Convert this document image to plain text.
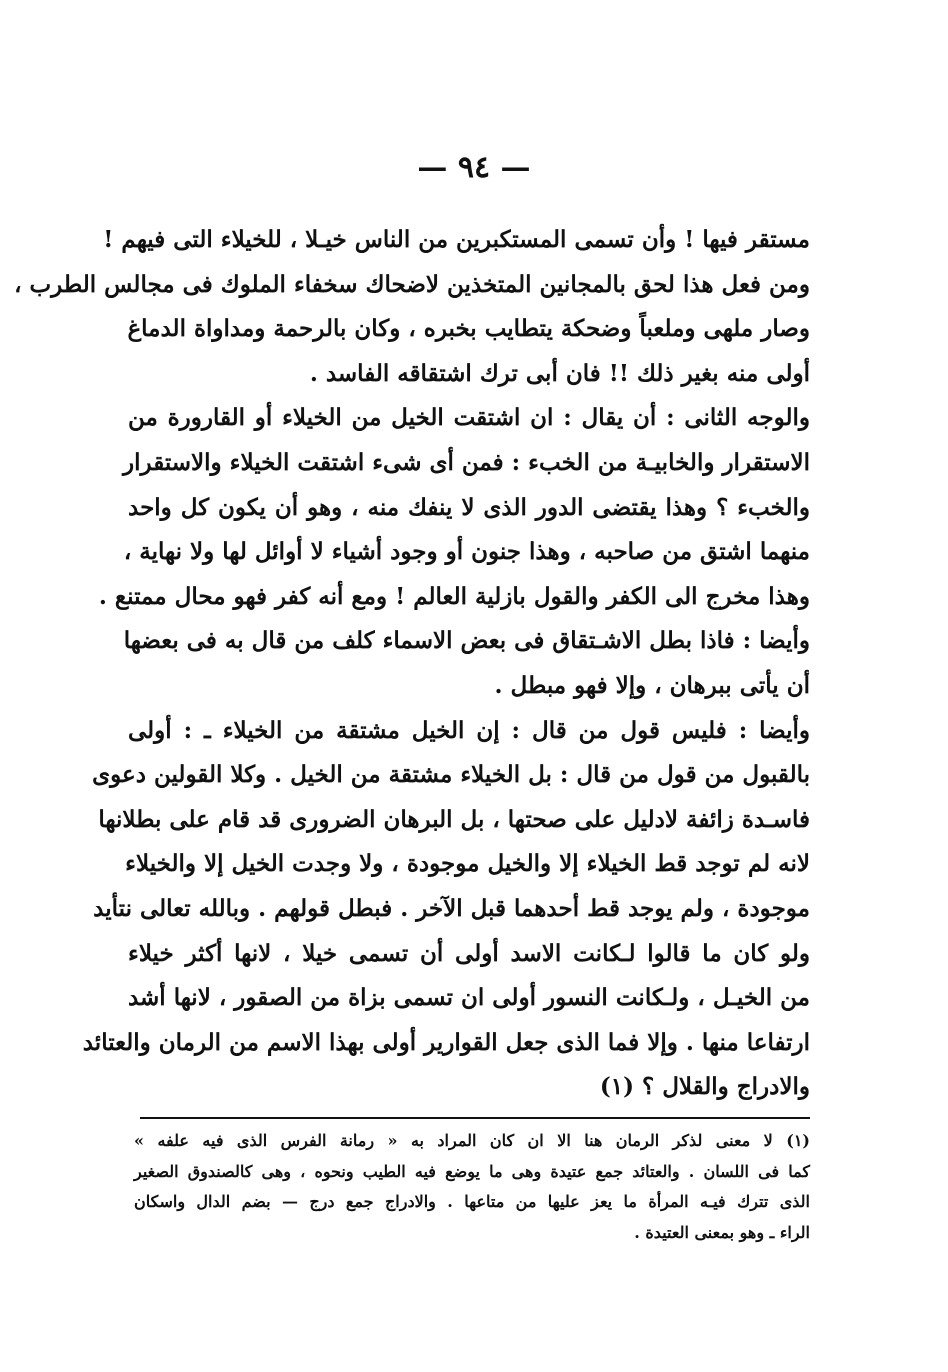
— ٩٤ —
مستقر فيها ! وأن تسمى المستكبرين من الناس خيـلا ، للخيلاء التى فيهم !
ومن فعل هذا لحق بالمجانين المتخذين لاضحاك سخفاء الملوك فى مجالس الطرب ،
وصار ملهى وملعباً وضحكة يتطايب بخبره ، وكان بالرحمة ومداواة الدماغ
أولى منه بغير ذلك !! فان أبى ترك اشتقاقه الفاسد .
والوجه الثانى : أن يقال : ان اشتقت الخيل من الخيلاء أو القارورة من
الاستقرار والخابيـة من الخبء : فمن أى شىء اشتقت الخيلاء والاستقرار
والخبء ؟ وهذا يقتضى الدور الذى لا ينفك منه ، وهو أن يكون كل واحد
منهما اشتق من صاحبه ، وهذا جنون أو وجود أشياء لا أوائل لها ولا نهاية ،
وهذا مخرج الى الكفر والقول بازلية العالم ! ومع أنه كفر فهو محال ممتنع .
وأيضا : فاذا بطل الاشـتقاق فى بعض الاسماء كلف من قال به فى بعضها
أن يأتى ببرهان ، وإلا فهو مبطل .
وأيضا : فليس قول من قال : إن الخيل مشتقة من الخيلاء ـ : أولى
بالقبول من قول من قال : بل الخيلاء مشتقة من الخيل . وكلا القولين دعوى
فاسـدة زائفة لادليل على صحتها ، بل البرهان الضرورى قد قام على بطلانها
لانه لم توجد قط الخيلاء إلا والخيل موجودة ، ولا وجدت الخيل إلا والخيلاء
موجودة ، ولم يوجد قط أحدهما قبل الآخر . فبطل قولهم . وبالله تعالى نتأيد
ولو كان ما قالوا لـكانت الاسد أولى أن تسمى خيلا ، لانها أكثر خيلاء
من الخيـل ، ولـكانت النسور أولى ان تسمى بزاة من الصقور ، لانها أشد
ارتفاعا منها . وإلا فما الذى جعل القوارير أولى بهذا الاسم من الرمان والعتائد
والادراج والقلال ؟ (١)
(١) لا معنى لذكر الرمان هنا الا ان كان المراد به « رمانة الفرس الذى فيه علفه »
كما فى اللسان . والعتائد جمع عتيدة وهى ما يوضع فيه الطيب ونحوه ، وهى كالصندوق الصغير
الذى تترك فيـه المرأة ما يعز عليها من متاعها . والادراج جمع درج — بضم الدال واسكان
الراء ـ وهو بمعنى العتيدة .
